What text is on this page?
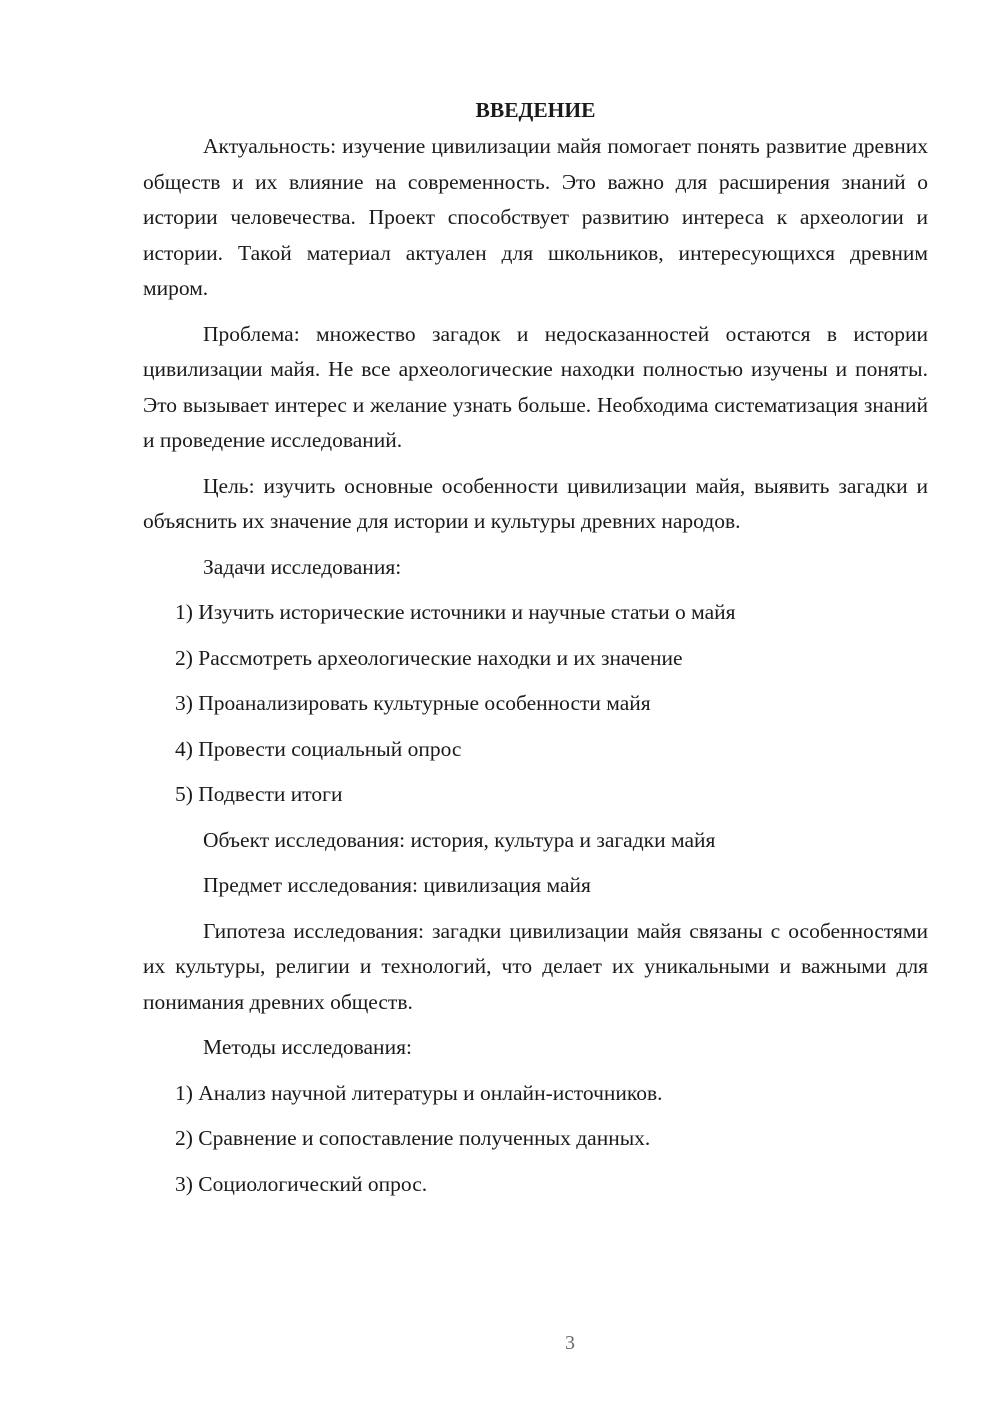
ВВЕДЕНИЕ

Актуальность: изучение цивилизации майя помогает понять развитие древних обществ и их влияние на современность. Это важно для расширения знаний о истории человечества. Проект способствует развитию интереса к археологии и истории. Такой материал актуален для школьников, интересующихся древним миром.

Проблема: множество загадок и недосказанностей остаются в истории цивилизации майя. Не все археологические находки полностью изучены и поняты. Это вызывает интерес и желание узнать больше. Необходима систематизация знаний и проведение исследований.

Цель: изучить основные особенности цивилизации майя, выявить загадки и объяснить их значение для истории и культуры древних народов.

Задачи исследования:

1) Изучить исторические источники и научные статьи о майя

2) Рассмотреть археологические находки и их значение

3) Проанализировать культурные особенности майя

4) Провести социальный опрос

5) Подвести итоги

Объект исследования: история, культура и загадки майя

Предмет исследования: цивилизация майя

Гипотеза исследования: загадки цивилизации майя связаны с особенностями их культуры, религии и технологий, что делает их уникальными и важными для понимания древних обществ.

Методы исследования:

1) Анализ научной литературы и онлайн-источников.

2) Сравнение и сопоставление полученных данных.

3) Социологический опрос.

3
